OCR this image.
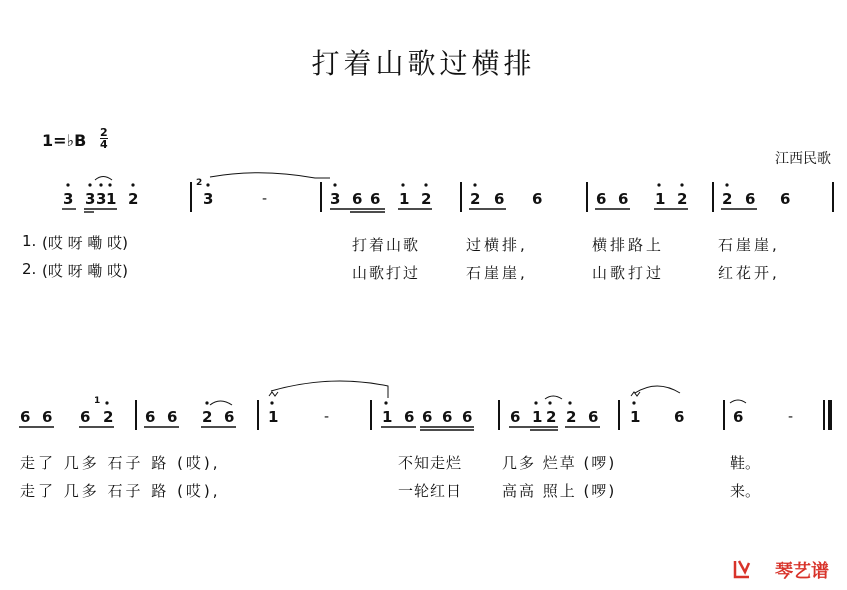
打着山歌过横排
1=♭B 2
4
江西民歌
3 3 3 1 2
2
3	-	3 6 6 1 2	2 6 6	6 6 1 2 2 6 6
1. (哎 呀 嘞 哎)	打着山歌	过横排,	横排路上	石崖崖,
2. (哎 呀 嘞 哎)	山歌打过	石崖崖,	山歌打过	红花开,
6 6 6
1
2 6 6 2 6 1	-	1 6 6 6 6	6 1 2 2 6 1 6	6	-
走了 几多 石子 路 (哎),	不知走烂	几多 烂草 (啰)	鞋。
走了 几多 石子 路 (哎),	一轮红日	高高 照上 (啰)	来。
琴艺谱
